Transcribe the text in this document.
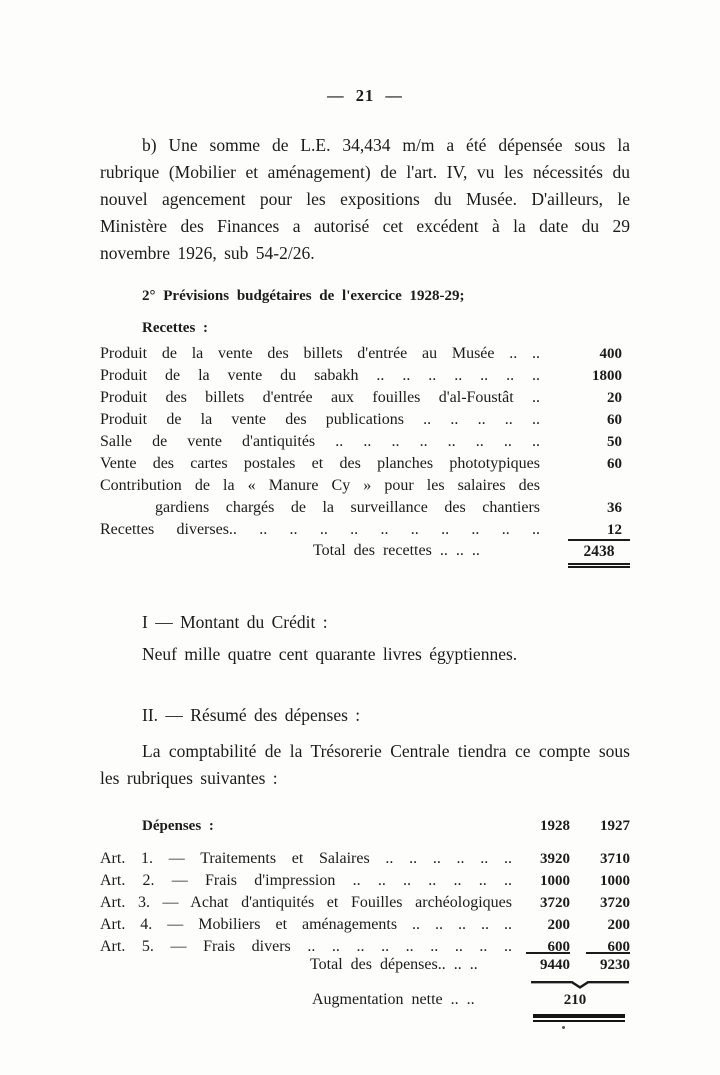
— 21 —
b) Une somme de L.E. 34,434 m/m a été dépensée sous la rubrique (Mobilier et aménagement) de l'art. IV, vu les nécessités du nouvel agencement pour les expositions du Musée. D'ailleurs, le Ministère des Finances a autorisé cet excédent à la date du 29 novembre 1926, sub 54-2/26.
2° Prévisions budgétaires de l'exercice 1928-29;
Recettes :
Produit de la vente des billets d'entrée au Musée .. ..	400
Produit de la vente du sabakh .. .. .. .. .. .. ..	1800
Produit des billets d'entrée aux fouilles d'al-Foustât ..	20
Produit de la vente des publications .. .. .. .. ..	60
Salle de vente d'antiquités .. .. .. .. .. .. .. ..	50
Vente des cartes postales et des planches phototypiques	60
Contribution de la « Manure Cy » pour les salaires des
gardiens chargés de la surveillance des chantiers	36
Recettes diverses.. .. .. .. .. .. .. .. .. .. ..	12
Total des recettes .. .. ..	2438
I — Montant du Crédit :
Neuf mille quatre cent quarante livres égyptiennes.
II. — Résumé des dépenses :
La comptabilité de la Trésorerie Centrale tiendra ce compte sous les rubriques suivantes :
Dépenses :	1928	1927
Art. 1. — Traitements et Salaires .. .. .. .. .. ..	3920	3710
Art. 2. — Frais d'impression .. .. .. .. .. .. ..	1000	1000
Art. 3. — Achat d'antiquités et Fouilles archéologiques	3720	3720
Art. 4. — Mobiliers et aménagements .. .. .. .. ..	200	200
Art. 5. — Frais divers .. .. .. .. .. .. .. .. ..	600	600
Total des dépenses.. .. ..	9440	9230
Augmentation nette .. ..	210
